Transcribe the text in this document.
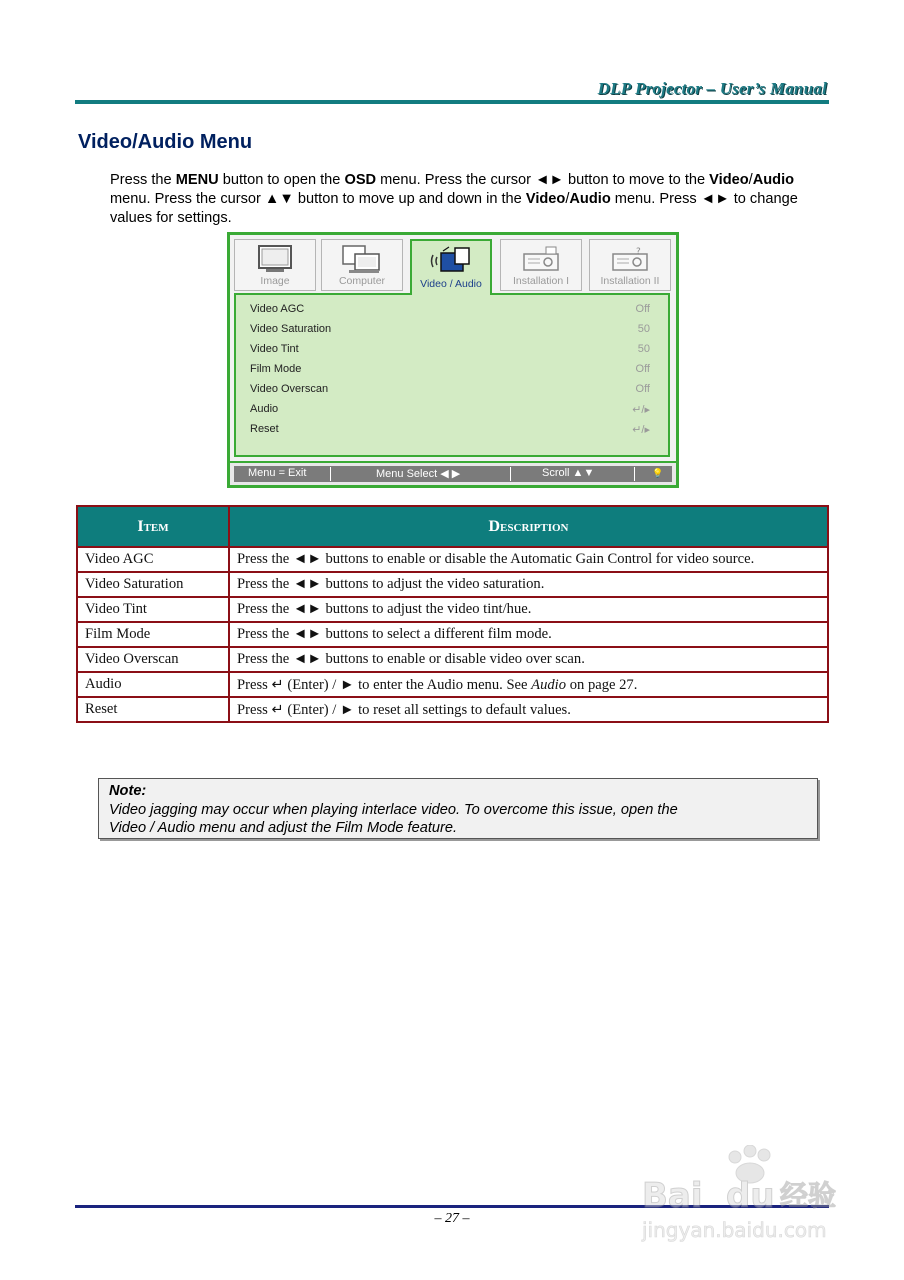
DLP Projector – User’s Manual
Video/Audio Menu
Press the MENU button to open the OSD menu. Press the cursor ◄► button to move to the Video/Audio menu. Press the cursor ▲▼ button to move up and down in the Video/Audio menu. Press ◄► to change values for settings.
Image	Computer	Video / Audio	Installation I
?
Installation II
Video AGC	Off
Video Saturation	50
Video Tint	50
Film Mode	Off
Video Overscan	Off
Audio	↵/▸
Reset	↵/▸
Menu = Exit	Menu Select ◀ ▶	Scroll ▲▼	💡
Item	Description
Video AGC	Press the ◄► buttons to enable or disable the Automatic Gain Control for video source.
Video Saturation	Press the ◄► buttons to adjust the video saturation.
Video Tint	Press the ◄► buttons to adjust the video tint/hue.
Film Mode	Press the ◄► buttons to select a different film mode.
Video Overscan	Press the ◄► buttons to enable or disable video over scan.
Audio	Press ↵ (Enter) / ► to enter the Audio menu. See Audio on page 27.
Reset	Press ↵ (Enter) / ► to reset all settings to default values.
Note:
Video jagging may occur when playing interlace video. To overcome this issue, open the
Video / Audio menu and adjust the Film Mode feature.
– 27 –
Bai du 经验
jingyan.baidu.com
